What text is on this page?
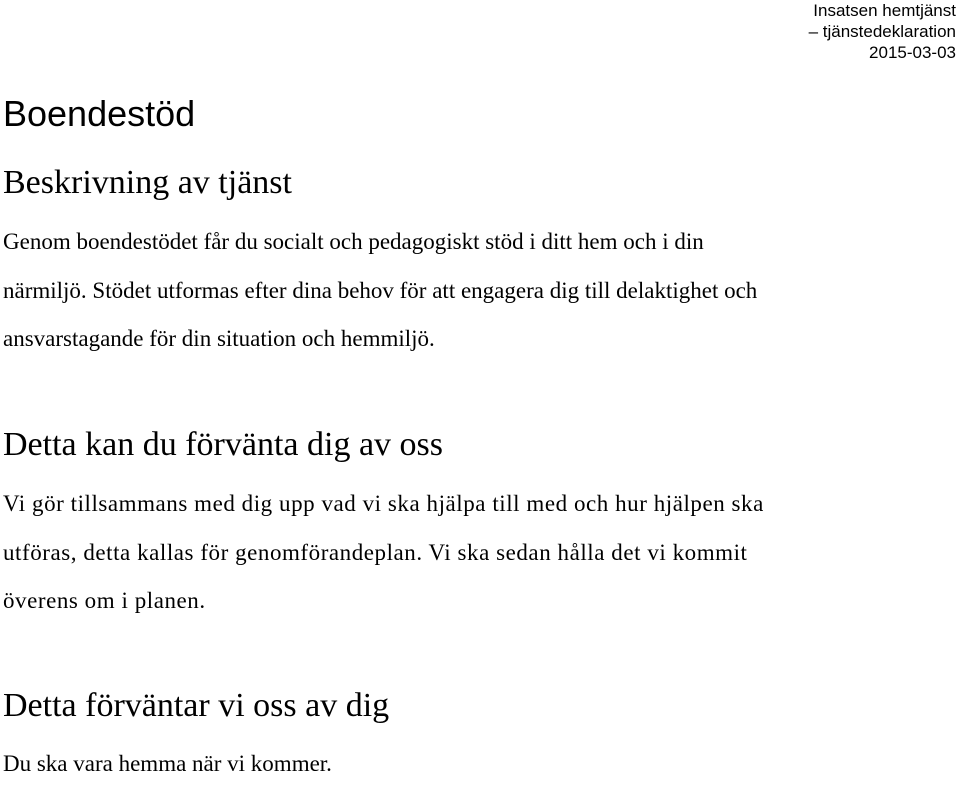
Insatsen hemtjänst
– tjänstedeklaration
2015-03-03
Boendestöd
Beskrivning av tjänst

Genom boendestödet får du socialt och pedagogiskt stöd i ditt hem och i din
närmiljö. Stödet utformas efter dina behov för att engagera dig till delaktighet och
ansvarstagande för din situation och hemmiljö.

Detta kan du förvänta dig av oss

Vi gör tillsammans med dig upp vad vi ska hjälpa till med och hur hjälpen ska
utföras, detta kallas för genomförandeplan. Vi ska sedan hålla det vi kommit
överens om i planen.

Detta förväntar vi oss av dig

Du ska vara hemma när vi kommer.
